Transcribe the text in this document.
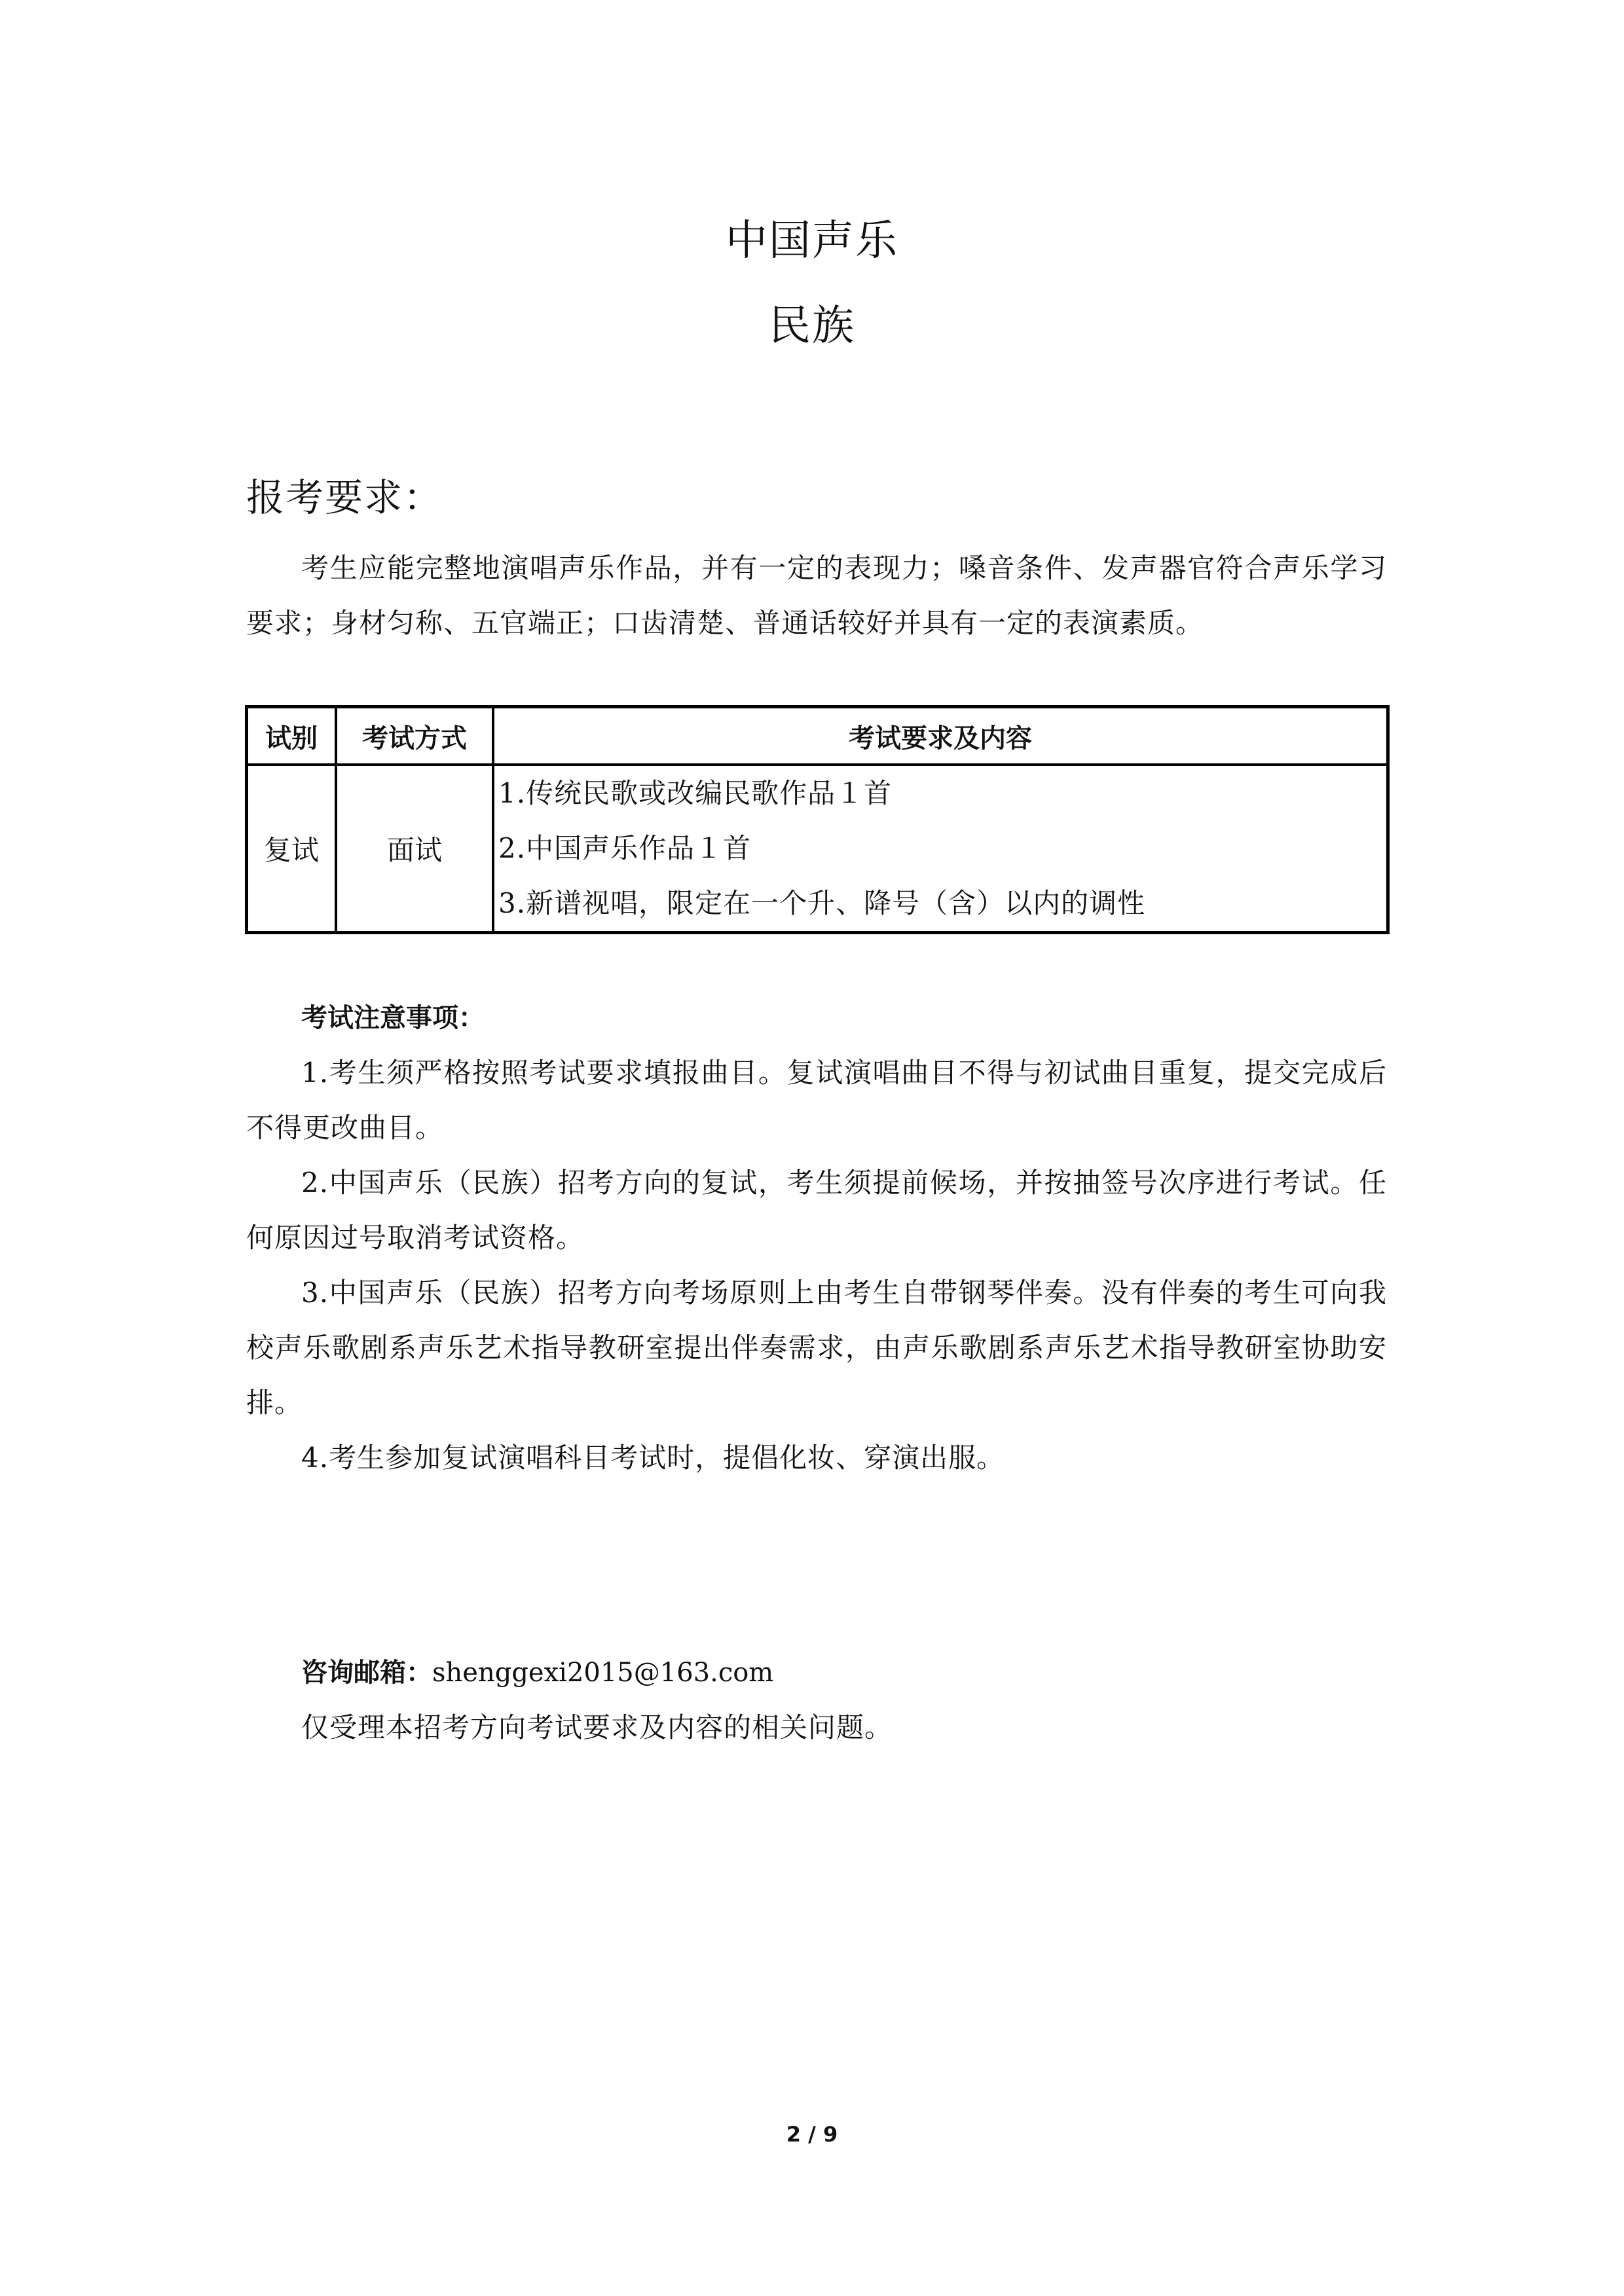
中国声乐
民族
报考要求：
考生应能完整地演唱声乐作品，并有一定的表现力；嗓音条件、发声器官符合声乐学习要求；身材匀称、五官端正；口齿清楚、普通话较好并具有一定的表演素质。
试别	考试方式	考试要求及内容
复试	面试	1.传统民歌或改编民歌作品１首
2.中国声乐作品１首
3.新谱视唱，限定在一个升、降号（含）以内的调性
考试注意事项：

1.考生须严格按照考试要求填报曲目。复试演唱曲目不得与初试曲目重复，提交完成后不得更改曲目。

2.中国声乐（民族）招考方向的复试，考生须提前候场，并按抽签号次序进行考试。任何原因过号取消考试资格。

3.中国声乐（民族）招考方向考场原则上由考生自带钢琴伴奏。没有伴奏的考生可向我校声乐歌剧系声乐艺术指导教研室提出伴奏需求，由声乐歌剧系声乐艺术指导教研室协助安排。

4.考生参加复试演唱科目考试时，提倡化妆、穿演出服。

咨询邮箱：shenggexi2015@163.com
仅受理本招考方向考试要求及内容的相关问题。
2 / 9
